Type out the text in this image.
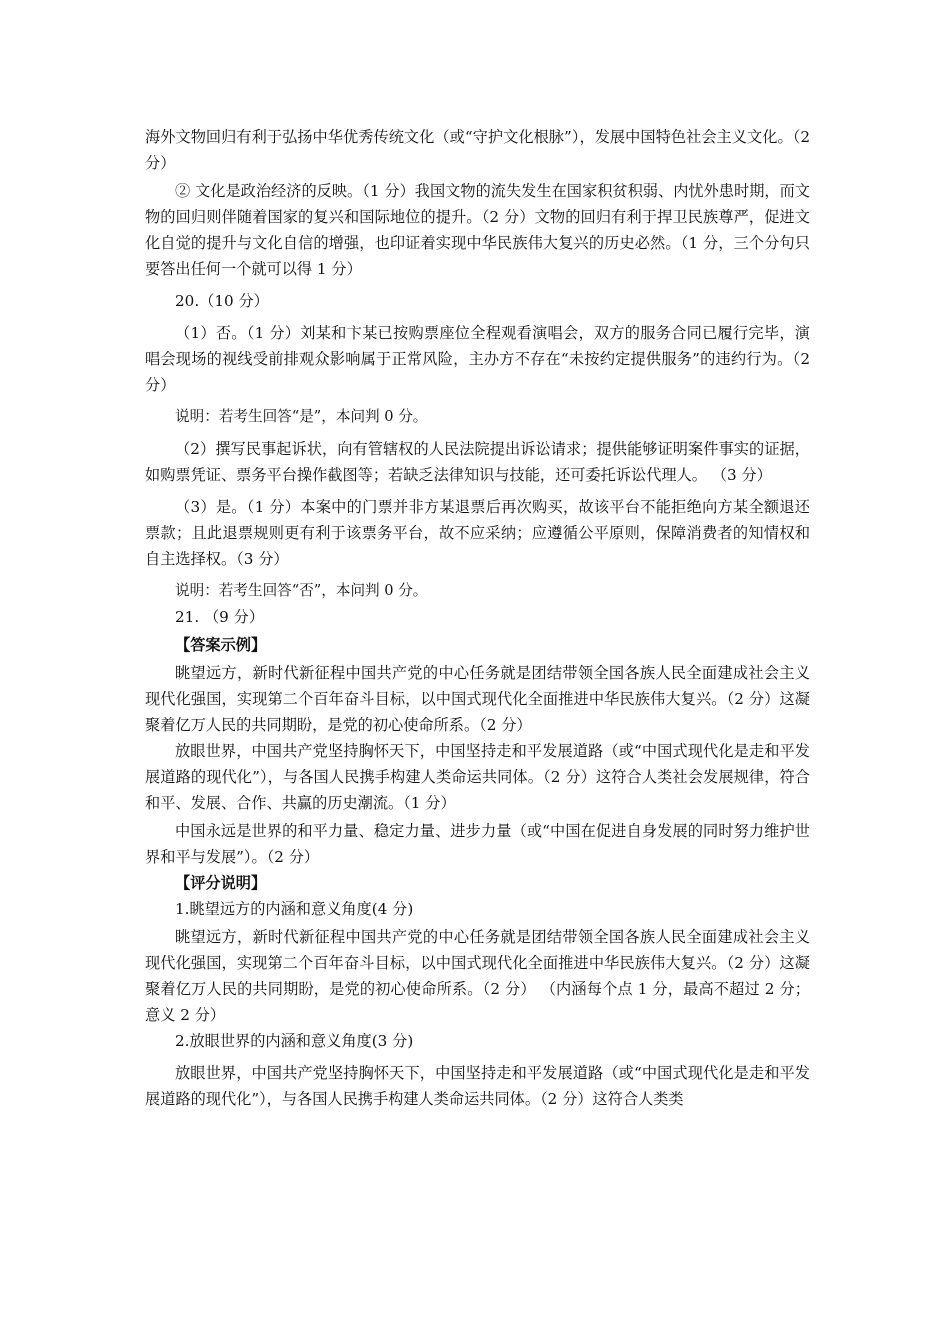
海外文物回归有利于弘扬中华优秀传统文化（或“守护文化根脉”），发展中国特色社会主义文化。（2分）

② 文化是政治经济的反映。（1 分）我国文物的流失发生在国家积贫积弱、内忧外患时期，而文物的回归则伴随着国家的复兴和国际地位的提升。（2 分）文物的回归有利于捍卫民族尊严，促进文化自觉的提升与文化自信的增强，也印证着实现中华民族伟大复兴的历史必然。（1 分，三个分句只要答出任何一个就可以得 1 分）

20.（10 分）

（1）否。（1 分）刘某和卞某已按购票座位全程观看演唱会，双方的服务合同已履行完毕，演唱会现场的视线受前排观众影响属于正常风险，主办方不存在“未按约定提供服务”的违约行为。（2 分）

说明：若考生回答“是”，本问判 0 分。

（2）撰写民事起诉状，向有管辖权的人民法院提出诉讼请求；提供能够证明案件事实的证据，如购票凭证、票务平台操作截图等；若缺乏法律知识与技能，还可委托诉讼代理人。 （3 分）

（3）是。（1 分）本案中的门票并非方某退票后再次购买，故该平台不能拒绝向方某全额退还票款；且此退票规则更有利于该票务平台，故不应采纳；应遵循公平原则，保障消费者的知情权和自主选择权。（3 分）

说明：若考生回答“否”，本问判 0 分。

21. （9 分）

【答案示例】

眺望远方，新时代新征程中国共产党的中心任务就是团结带领全国各族人民全面建成社会主义现代化强国，实现第二个百年奋斗目标，以中国式现代化全面推进中华民族伟大复兴。（2 分）这凝聚着亿万人民的共同期盼，是党的初心使命所系。（2 分）

放眼世界，中国共产党坚持胸怀天下，中国坚持走和平发展道路（或“中国式现代化是走和平发展道路的现代化”），与各国人民携手构建人类命运共同体。（2 分）这符合人类社会发展规律，符合和平、发展、合作、共赢的历史潮流。（1 分）

中国永远是世界的和平力量、稳定力量、进步力量（或“中国在促进自身发展的同时努力维护世界和平与发展”）。（2 分）

【评分说明】

1.眺望远方的内涵和意义角度(4 分)

眺望远方，新时代新征程中国共产党的中心任务就是团结带领全国各族人民全面建成社会主义现代化强国，实现第二个百年奋斗目标，以中国式现代化全面推进中华民族伟大复兴。（2 分）这凝聚着亿万人民的共同期盼，是党的初心使命所系。（2 分） （内涵每个点 1 分，最高不超过 2 分；意义 2 分）

2.放眼世界的内涵和意义角度(3 分)

放眼世界，中国共产党坚持胸怀天下，中国坚持走和平发展道路（或“中国式现代化是走和平发展道路的现代化”），与各国人民携手构建人类命运共同体。（2 分）这符合人类类
